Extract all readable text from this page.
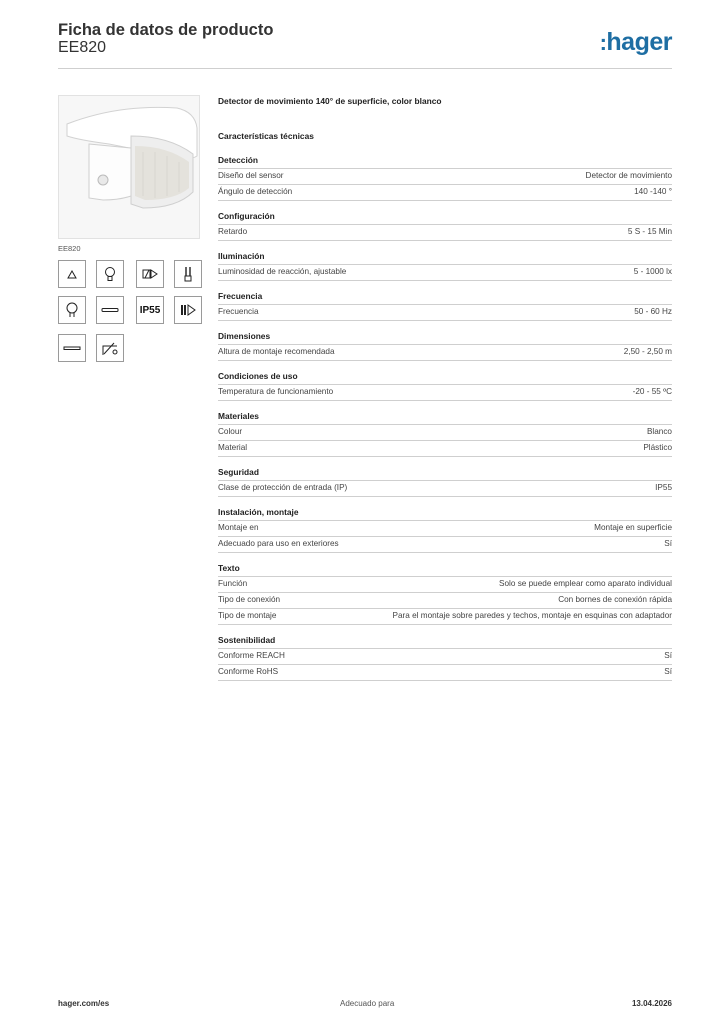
Ficha de datos de producto
EE820	:hager
EE820
IP55
Detector de movimiento 140° de superficie, color blanco
Características técnicas
Detección
Diseño del sensor	Detector de movimiento
Ángulo de detección	140 -140 °
Configuración
Retardo	5 S - 15 Min
Iluminación
Luminosidad de reacción, ajustable	5 - 1000 lx
Frecuencia
Frecuencia	50 - 60 Hz
Dimensiones
Altura de montaje recomendada	2,50 - 2,50 m
Condiciones de uso
Temperatura de funcionamiento	-20 - 55 ºC
Materiales
Colour	Blanco
Material	Plástico
Seguridad
Clase de protección de entrada (IP)	IP55
Instalación, montaje
Montaje en	Montaje en superficie
Adecuado para uso en exteriores	Sí
Texto
Función	Solo se puede emplear como aparato individual
Tipo de conexión	Con bornes de conexión rápida
Tipo de montaje	Para el montaje sobre paredes y techos, montaje en esquinas con adaptador
Sostenibilidad
Conforme REACH	Sí
Conforme RoHS	Sí
hager.com/es	Adecuado para	13.04.2026
